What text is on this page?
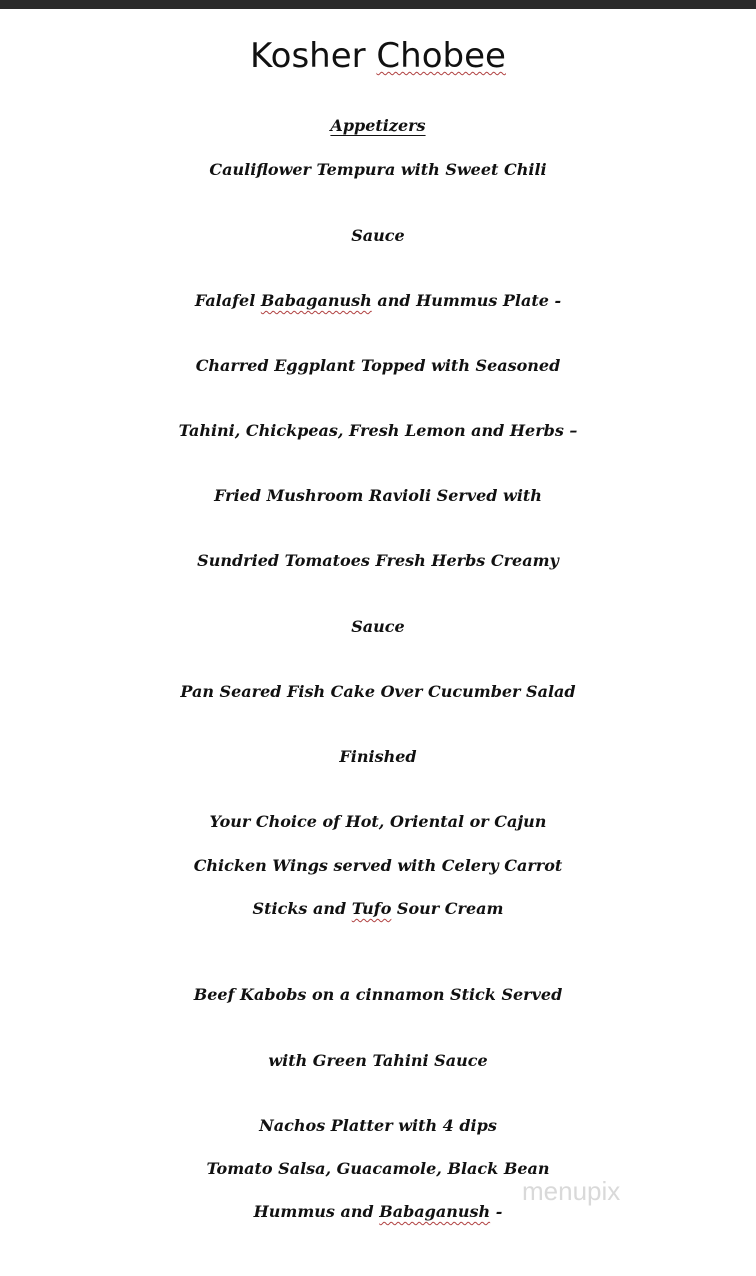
Kosher Chobee
Appetizers
Cauliflower Tempura with Sweet Chili
Sauce
Falafel Babaganush and Hummus Plate -
Charred Eggplant Topped with Seasoned
Tahini, Chickpeas, Fresh Lemon and Herbs –
Fried Mushroom Ravioli Served with
Sundried Tomatoes Fresh Herbs Creamy
Sauce
Pan Seared Fish Cake Over Cucumber Salad
Finished
Your Choice of Hot, Oriental or Cajun
Chicken Wings served with Celery Carrot
Sticks and Tufo Sour Cream
Beef Kabobs on a cinnamon Stick Served
with Green Tahini Sauce
Nachos Platter with 4 dips
Tomato Salsa, Guacamole, Black Bean
Hummus and Babaganush -
menupix
